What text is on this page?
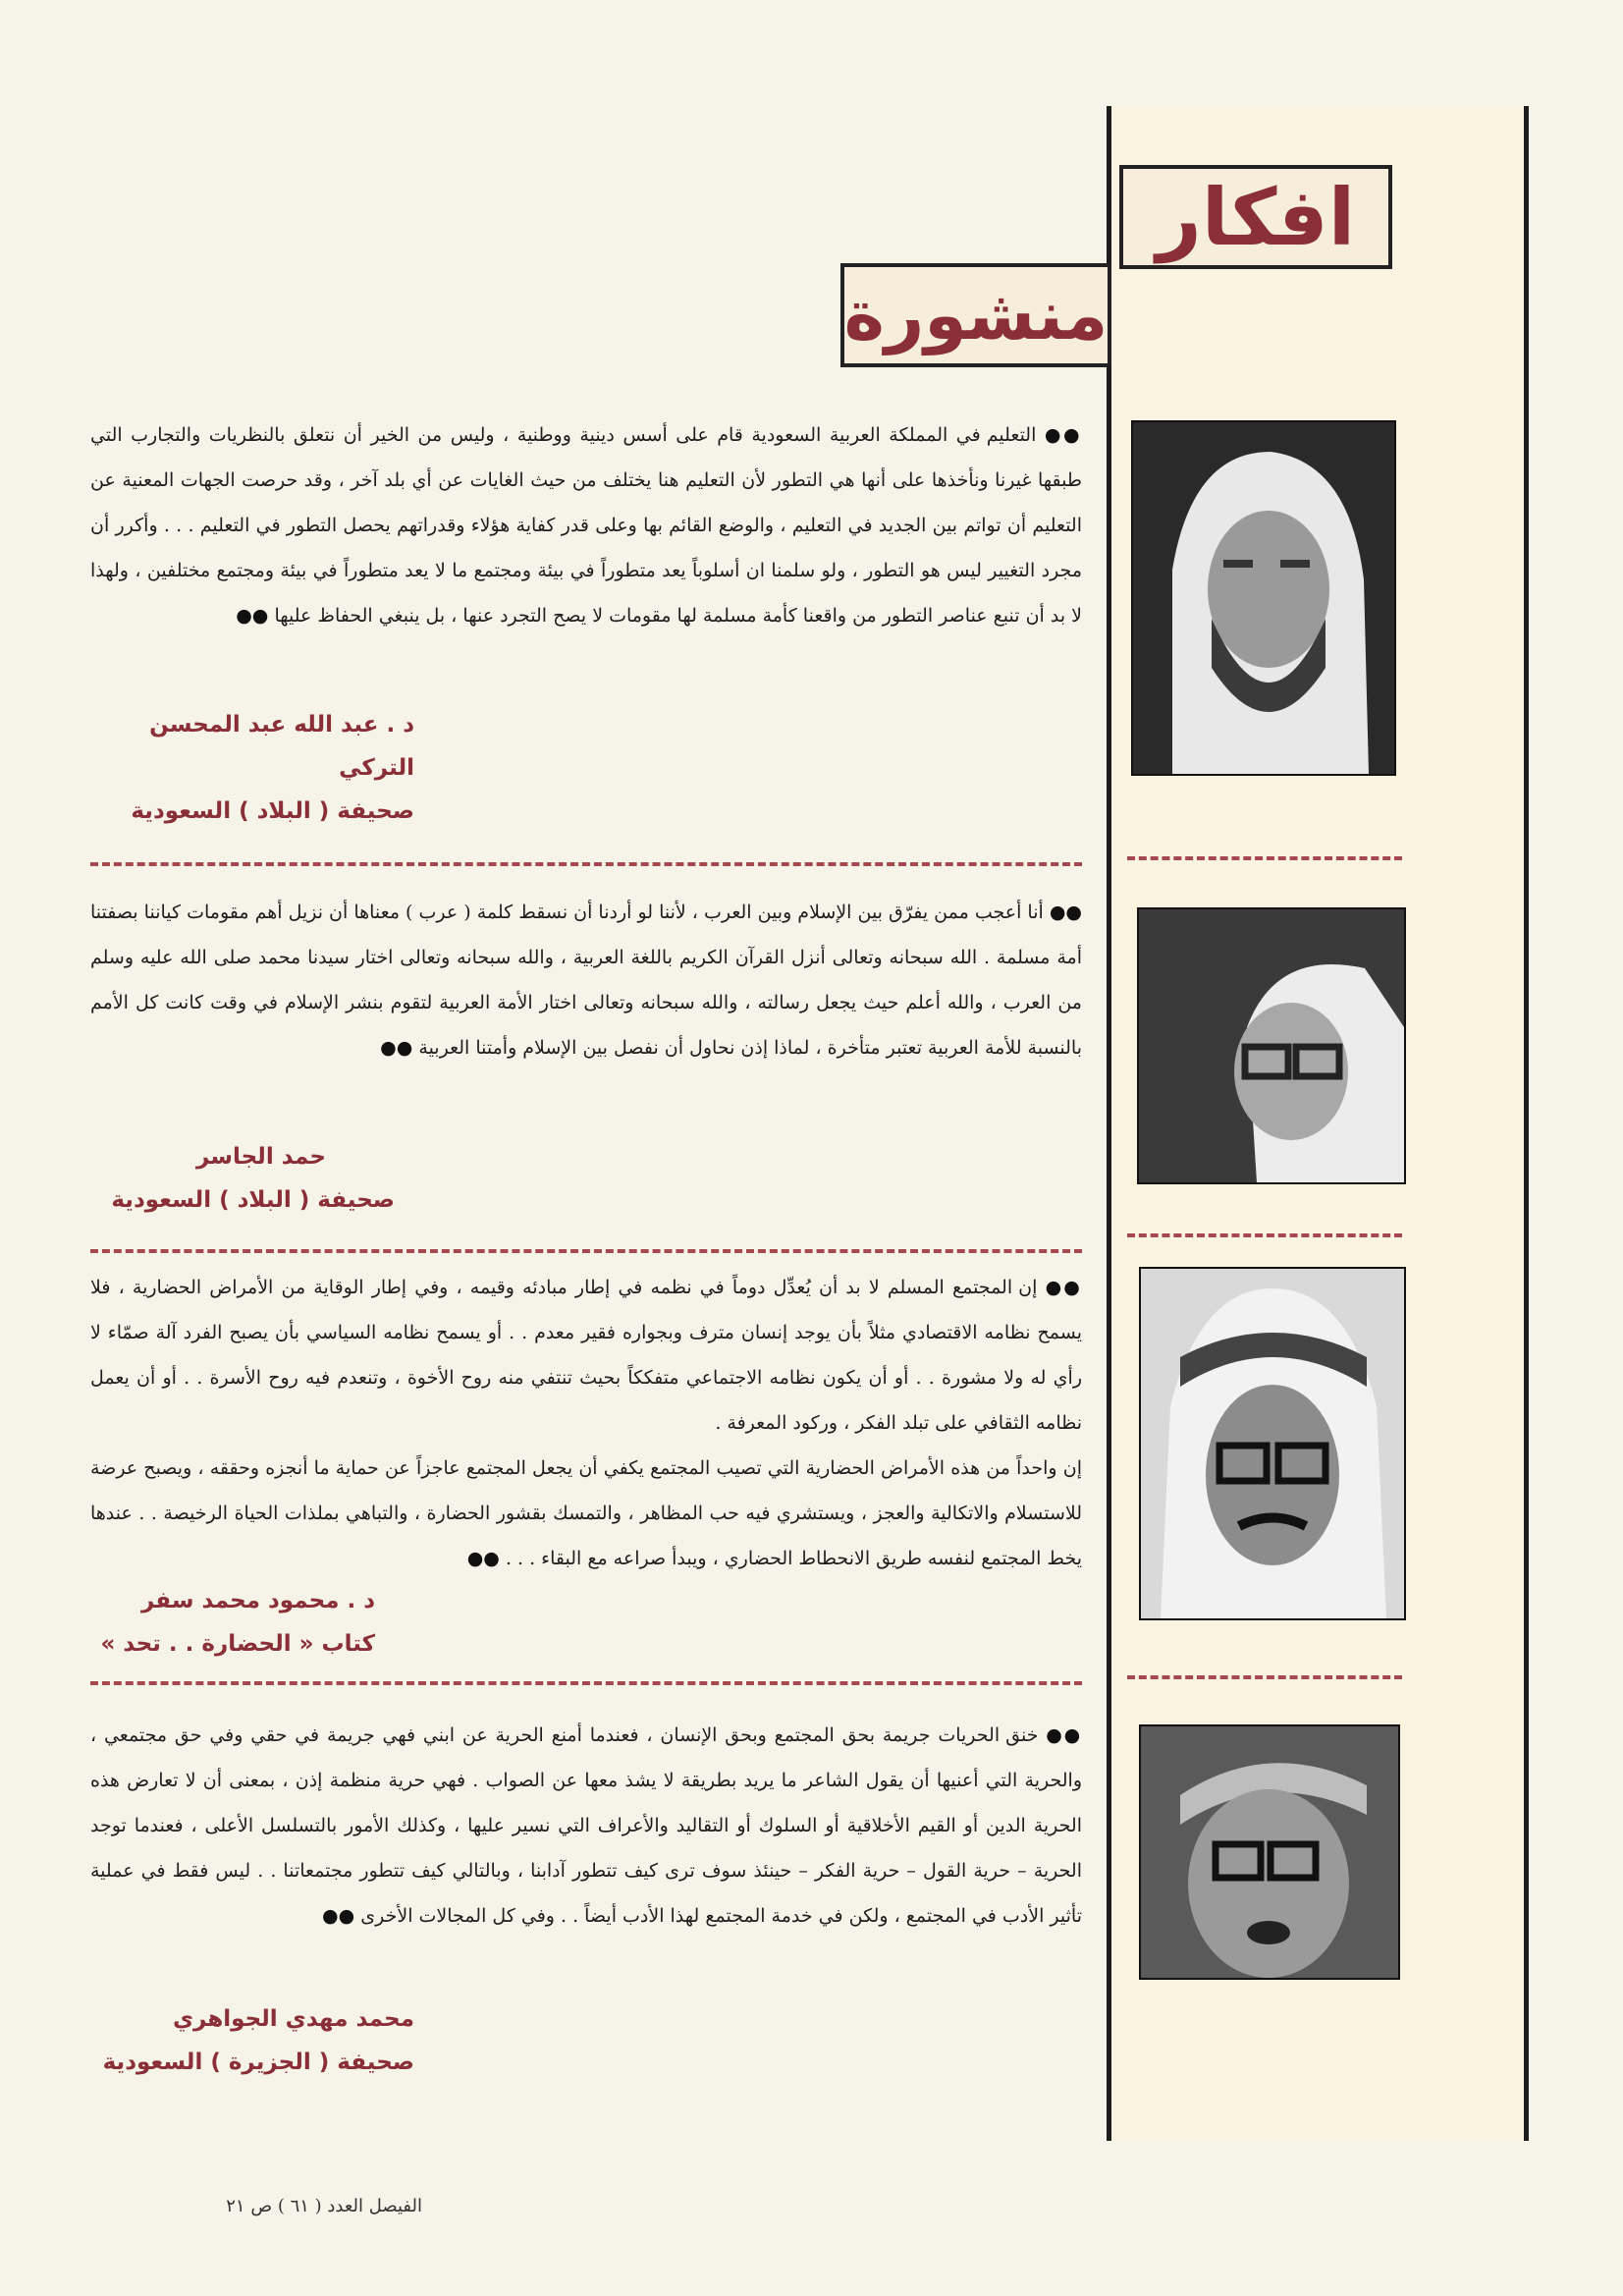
افكار
منشورة

●● التعليم في المملكة العربية السعودية قام على أسس دينية ووطنية ، وليس من الخير أن نتعلق بالنظريات والتجارب التي طبقها غيرنا ونأخذها على أنها هي التطور لأن التعليم هنا يختلف من حيث الغايات عن أي بلد آخر ، وقد حرصت الجهات المعنية عن التعليم أن تواتم بين الجديد في التعليم ، والوضع القائم بها وعلى قدر كفاية هؤلاء وقدراتهم يحصل التطور في التعليم . . . وأكرر أن مجرد التغيير ليس هو التطور ، ولو سلمنا ان أسلوباً يعد متطوراً في بيئة ومجتمع ما لا يعد متطوراً في بيئة ومجتمع مختلفين ، ولهذا لا بد أن تنبع عناصر التطور من واقعنا كأمة مسلمة لها مقومات لا يصح التجرد عنها ، بل ينبغي الحفاظ عليها ●●

د . عبد الله عبد المحسن التركي
صحيفة ( البلاد ) السعودية

●● أنا أعجب ممن يفرّق بين الإسلام وبين العرب ، لأننا لو أردنا أن نسقط كلمة ( عرب ) معناها أن نزيل أهم مقومات كياننا بصفتنا أمة مسلمة . الله سبحانه وتعالى أنزل القرآن الكريم باللغة العربية ، والله سبحانه وتعالى اختار سيدنا محمد صلى الله عليه وسلم من العرب ، والله أعلم حيث يجعل رسالته ، والله سبحانه وتعالى اختار الأمة العربية لتقوم بنشر الإسلام في وقت كانت كل الأمم بالنسبة للأمة العربية تعتبر متأخرة ، لماذا إذن نحاول أن نفصل بين الإسلام وأمتنا العربية ●●

حمد الجاسر
صحيفة ( البلاد ) السعودية

●● إن المجتمع المسلم لا بد أن يُعدِّل دوماً في نظمه في إطار مبادئه وقيمه ، وفي إطار الوقاية من الأمراض الحضارية ، فلا يسمح نظامه الاقتصادي مثلاً بأن يوجد إنسان مترف وبجواره فقير معدم . . أو يسمح نظامه السياسي بأن يصبح الفرد آلة صمّاء لا رأي له ولا مشورة . . أو أن يكون نظامه الاجتماعي متفككاً بحيث تنتفي منه روح الأخوة ، وتنعدم فيه روح الأسرة . . أو أن يعمل نظامه الثقافي على تبلد الفكر ، وركود المعرفة .

إن واحداً من هذه الأمراض الحضارية التي تصيب المجتمع يكفي أن يجعل المجتمع عاجزاً عن حماية ما أنجزه وحققه ، ويصبح عرضة للاستسلام والاتكالية والعجز ، ويستشري فيه حب المظاهر ، والتمسك بقشور الحضارة ، والتباهي بملذات الحياة الرخيصة . . عندها يخط المجتمع لنفسه طريق الانحطاط الحضاري ، ويبدأ صراعه مع البقاء . . . ●●

د . محمود محمد سفر
كتاب « الحضارة . . تحد »

●● خنق الحريات جريمة بحق المجتمع وبحق الإنسان ، فعندما أمنع الحرية عن ابني فهي جريمة في حقي وفي حق مجتمعي ، والحرية التي أعنيها أن يقول الشاعر ما يريد بطريقة لا يشذ معها عن الصواب . فهي حرية منظمة إذن ، بمعنى أن لا تعارض هذه الحرية الدين أو القيم الأخلاقية أو السلوك أو التقاليد والأعراف التي نسير عليها ، وكذلك الأمور بالتسلسل الأعلى ، فعندما توجد الحرية – حرية القول – حرية الفكر – حينئذ سوف ترى كيف تتطور آدابنا ، وبالتالي كيف تتطور مجتمعاتنا . . ليس فقط في عملية تأثير الأدب في المجتمع ، ولكن في خدمة المجتمع لهذا الأدب أيضاً . . وفي كل المجالات الأخرى ●●

محمد مهدي الجواهري
صحيفة ( الجزيرة ) السعودية
الفيصل العدد ( ٦١ ) ص ٢١
